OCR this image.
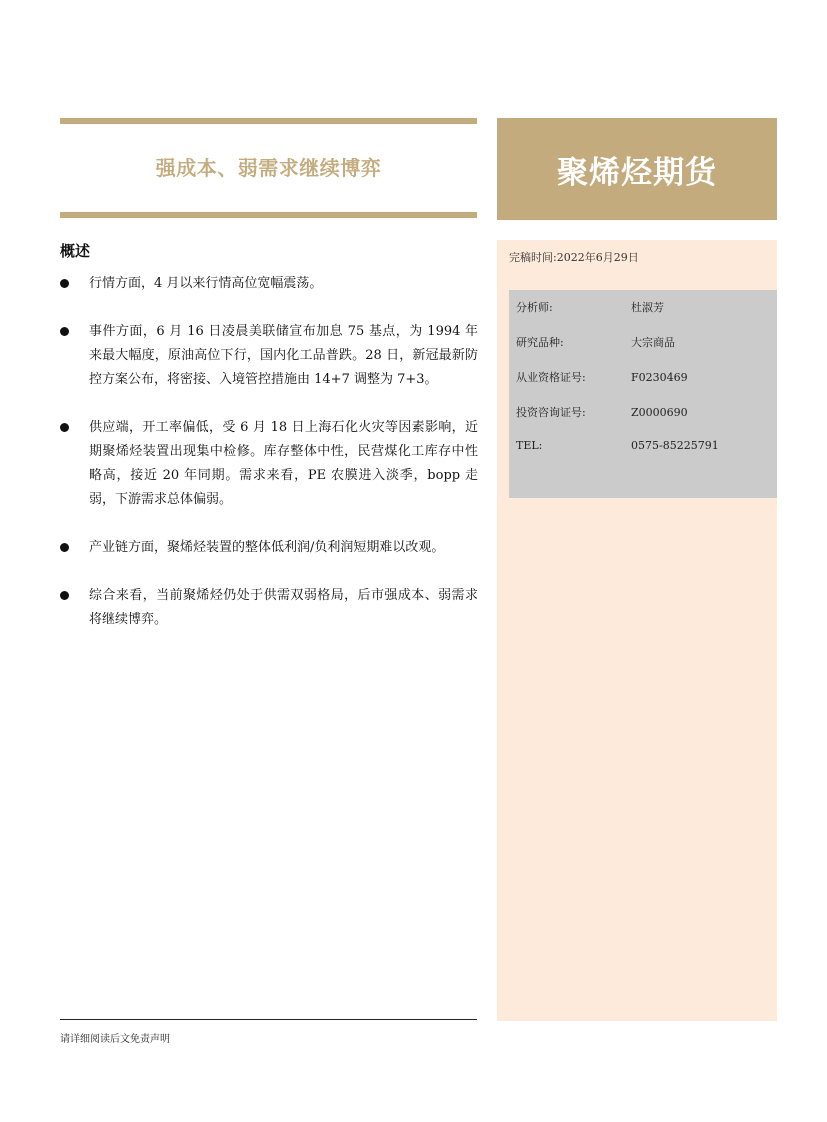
强成本、弱需求继续博弈	聚烯烃期货
概述
行情方面，4 月以来行情高位宽幅震荡。
事件方面，6 月 16 日凌晨美联储宣布加息 75 基点，为 1994 年来最大幅度，原油高位下行，国内化工品普跌。28 日，新冠最新防控方案公布，将密接、入境管控措施由 14+7 调整为 7+3。
供应端，开工率偏低，受 6 月 18 日上海石化火灾等因素影响，近期聚烯烃装置出现集中检修。库存整体中性，民营煤化工库存中性略高，接近 20 年同期。需求来看，PE 农膜进入淡季，bopp 走弱，下游需求总体偏弱。
产业链方面，聚烯烃装置的整体低利润/负利润短期难以改观。
综合来看，当前聚烯烃仍处于供需双弱格局，后市强成本、弱需求将继续博弈。
完稿时间:2022年6月29日
分析师:	杜淑芳
研究品种:	大宗商品
从业资格证号:	F0230469
投资咨询证号:	Z0000690
TEL:	0575-85225791
请详细阅读后文免责声明
